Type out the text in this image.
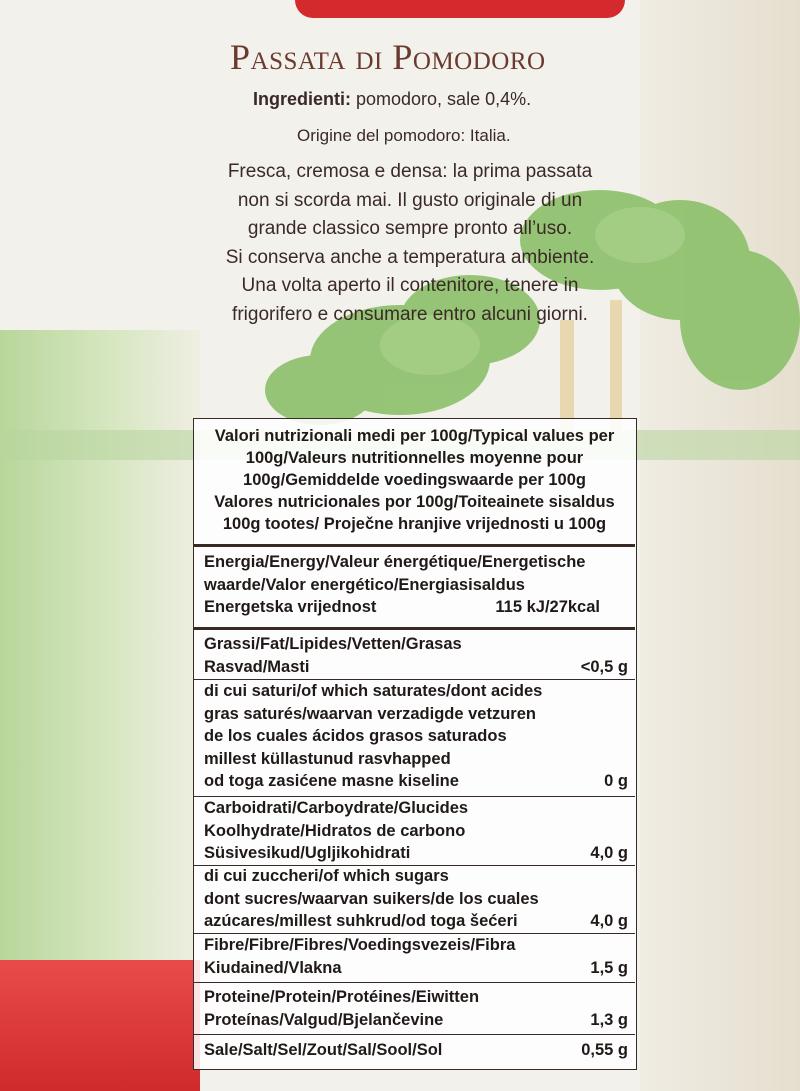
Passata di Pomodoro
Ingredienti: pomodoro, sale 0,4%.
Origine del pomodoro: Italia.
Fresca, cremosa e densa: la prima passata
non si scorda mai. Il gusto originale di un
grande classico sempre pronto all’uso.
Si conserva anche a temperatura ambiente.
Una volta aperto il contenitore, tenere in
frigorifero e consumare entro alcuni giorni.
Valori nutrizionali medi per 100g/Typical values per
100g/Valeurs nutritionnelles moyenne pour
100g/Gemiddelde voedingswaarde per 100g
Valores nutricionales por 100g/Toiteainete sisaldus
100g tootes/ Proječne hranjive vrijednosti u 100g
Energia/Energy/Valeur énergétique/Energetische
waarde/Valor energético/Energiasisaldus
Energetska vrijednost	115 kJ/27kcal
Grassi/Fat/Lipides/Vetten/Grasas
Rasvad/Masti	<0,5 g
di cui saturi/of which saturates/dont acides
gras saturés/waarvan verzadigde vetzuren
de los cuales ácidos grasos saturados
millest küllastunud rasvhapped
od toga zasićene masne kiseline	0 g
Carboidrati/Carboydrate/Glucides
Koolhydrate/Hidratos de carbono
Süsivesikud/Ugljikohidrati	4,0 g
di cui zuccheri/of which sugars
dont sucres/waarvan suikers/de los cuales
azúcares/millest suhkrud/od toga šećeri	4,0 g
Fibre/Fibre/Fibres/Voedingsvezeis/Fibra
Kiudained/Vlakna	1,5 g
Proteine/Protein/Protéines/Eiwitten
Proteínas/Valgud/Bjelančevine	1,3 g
Sale/Salt/Sel/Zout/Sal/Sool/Sol	0,55 g
